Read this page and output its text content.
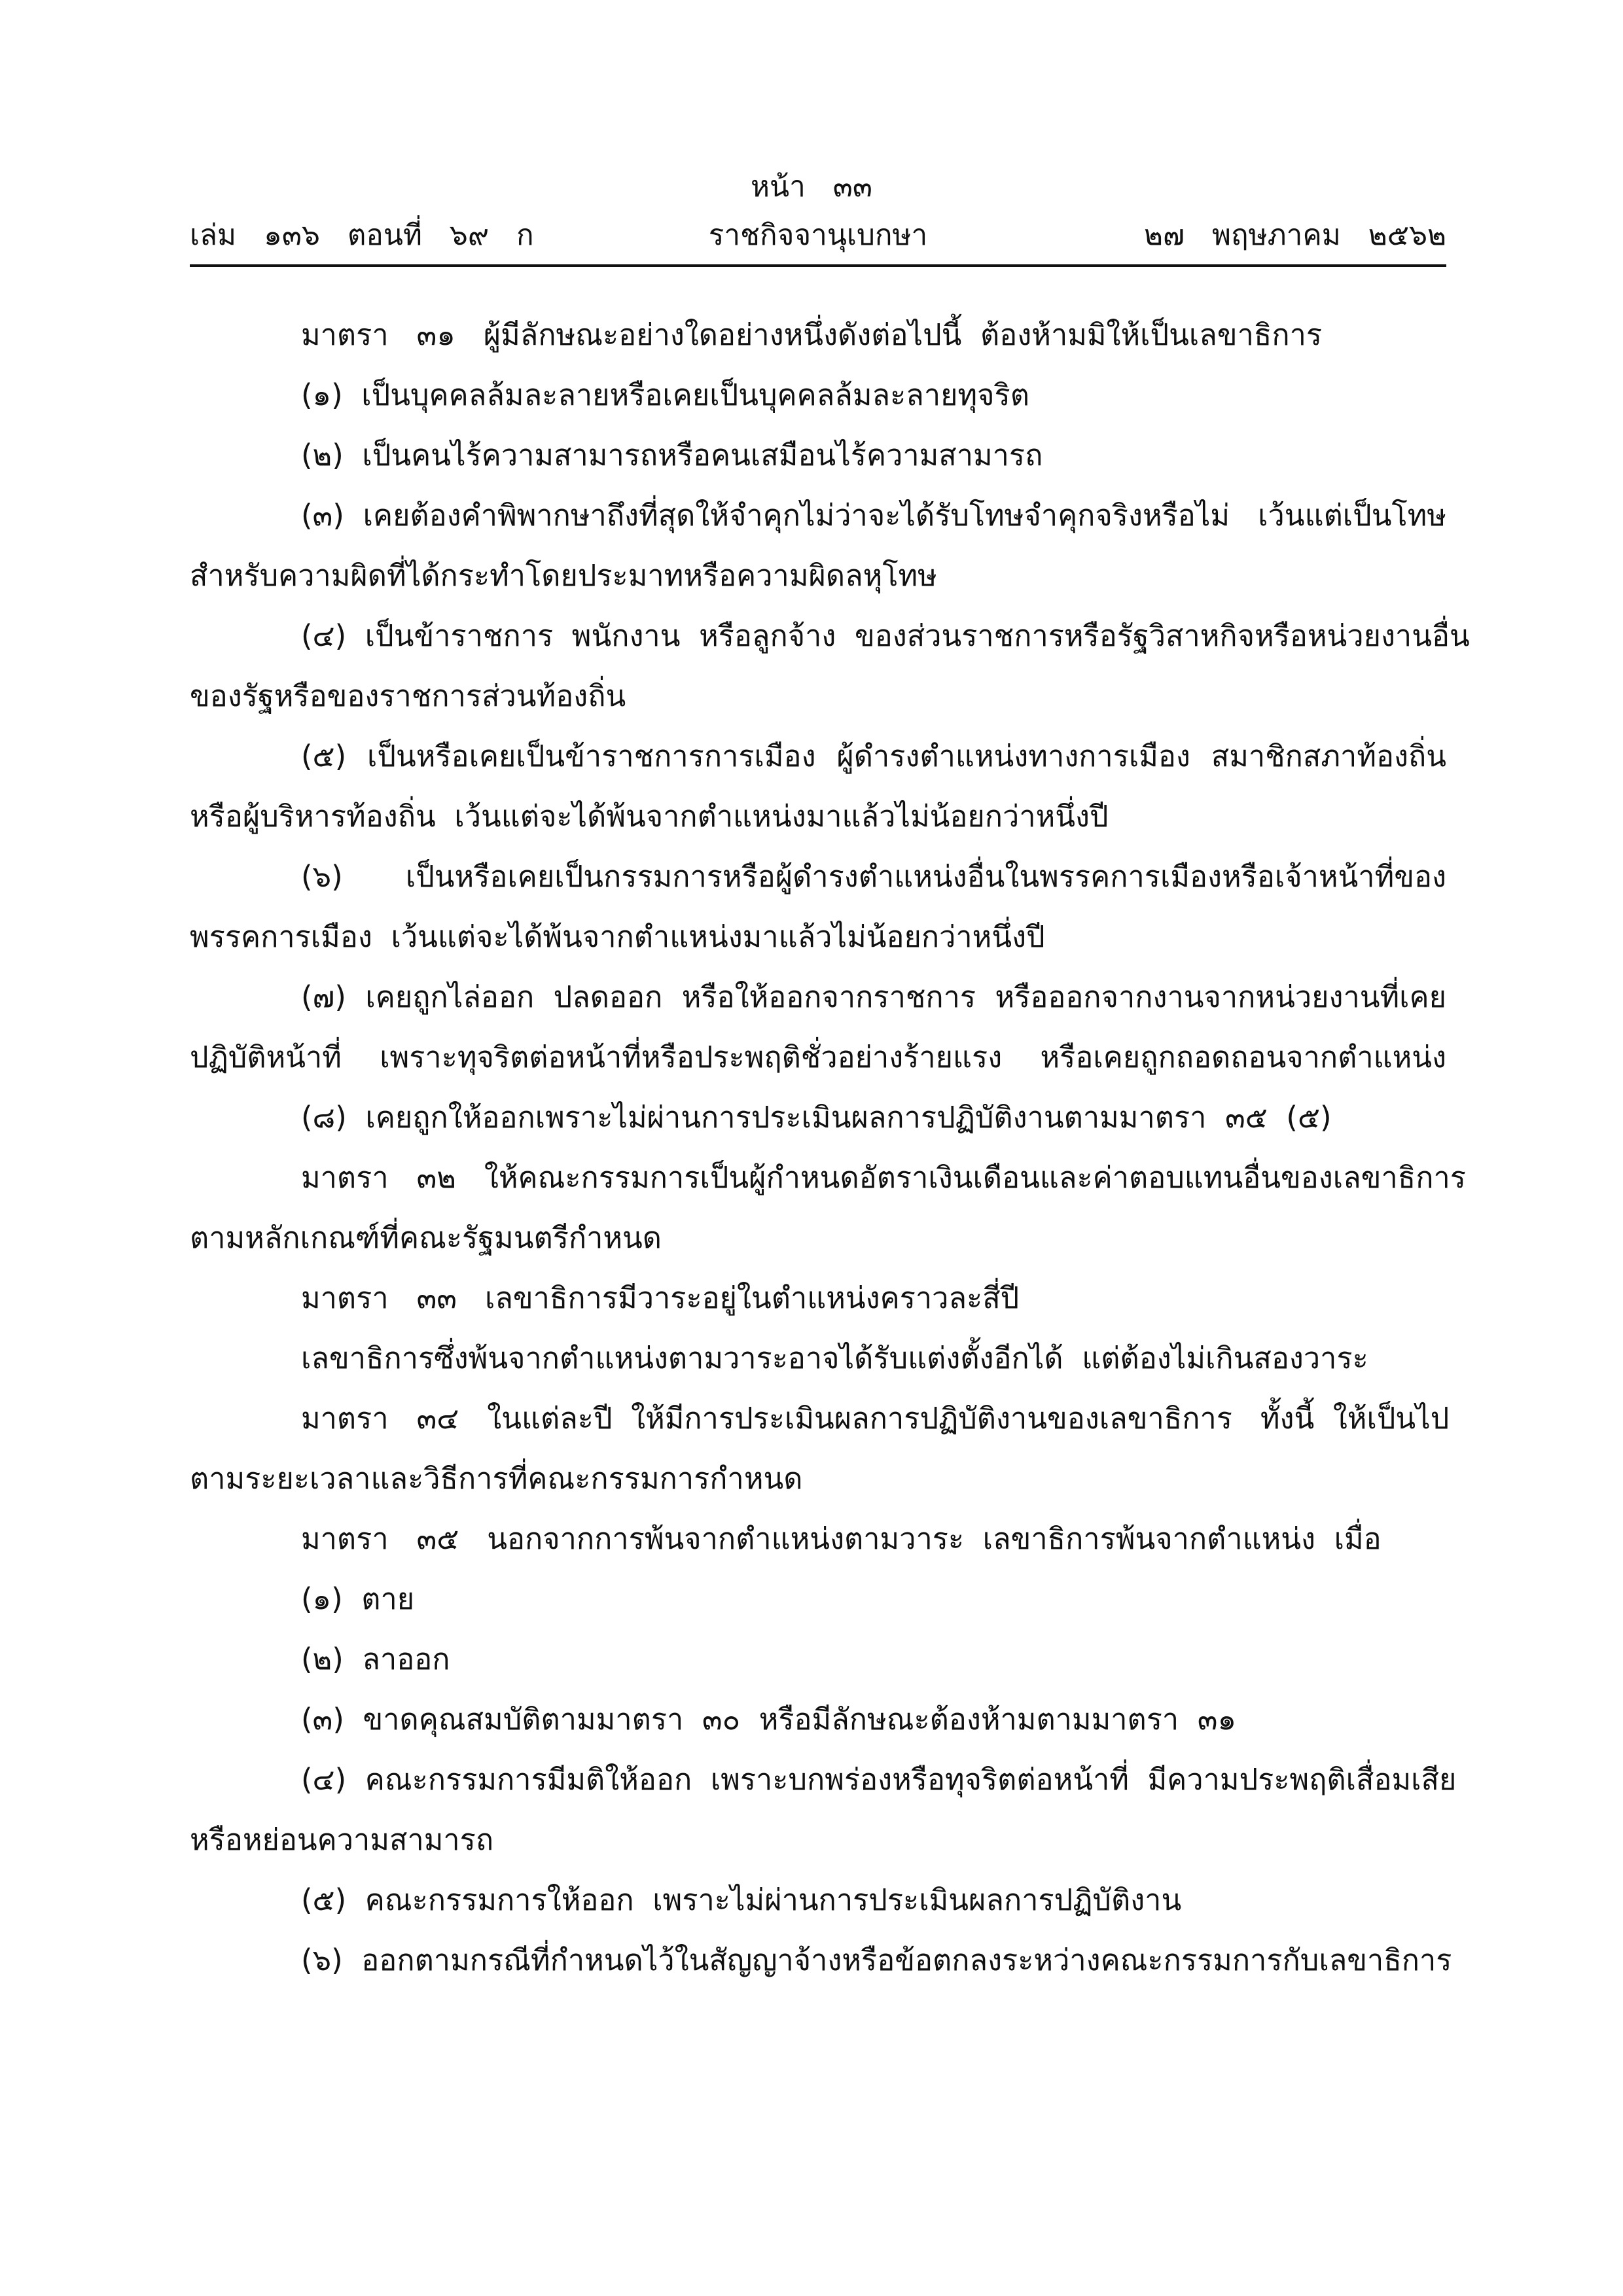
หน้า   ๓๓
เล่ม   ๑๓๖   ตอนที่   ๖๙   ก	ราชกิจจานุเบกษา	๒๗   พฤษภาคม   ๒๕๖๒
มาตรา   ๓๑   ผู้มีลักษณะอย่างใดอย่างหนึ่งดังต่อไปนี้  ต้องห้ามมิให้เป็นเลขาธิการ
(๑)  เป็นบุคคลล้มละลายหรือเคยเป็นบุคคลล้มละลายทุจริต
(๒)  เป็นคนไร้ความสามารถหรือคนเสมือนไร้ความสามารถ
(๓)  เคยต้องคำพิพากษาถึงที่สุดให้จำคุกไม่ว่าจะได้รับโทษจำคุกจริงหรือไม่   เว้นแต่เป็นโทษ
สำหรับความผิดที่ได้กระทำโดยประมาทหรือความผิดลหุโทษ
(๔)  เป็นข้าราชการ  พนักงาน  หรือลูกจ้าง  ของส่วนราชการหรือรัฐวิสาหกิจหรือหน่วยงานอื่น
ของรัฐหรือของราชการส่วนท้องถิ่น
(๕)  เป็นหรือเคยเป็นข้าราชการการเมือง  ผู้ดำรงตำแหน่งทางการเมือง  สมาชิกสภาท้องถิ่น
หรือผู้บริหารท้องถิ่น  เว้นแต่จะได้พ้นจากตำแหน่งมาแล้วไม่น้อยกว่าหนึ่งปี
(๖)  เป็นหรือเคยเป็นกรรมการหรือผู้ดำรงตำแหน่งอื่นในพรรคการเมืองหรือเจ้าหน้าที่ของ
พรรคการเมือง  เว้นแต่จะได้พ้นจากตำแหน่งมาแล้วไม่น้อยกว่าหนึ่งปี
(๗)  เคยถูกไล่ออก  ปลดออก  หรือให้ออกจากราชการ  หรือออกจากงานจากหน่วยงานที่เคย
ปฏิบัติหน้าที่  เพราะทุจริตต่อหน้าที่หรือประพฤติชั่วอย่างร้ายแรง  หรือเคยถูกถอดถอนจากตำแหน่ง
(๘)  เคยถูกให้ออกเพราะไม่ผ่านการประเมินผลการปฏิบัติงานตามมาตรา  ๓๕  (๕)
มาตรา   ๓๒   ให้คณะกรรมการเป็นผู้กำหนดอัตราเงินเดือนและค่าตอบแทนอื่นของเลขาธิการ
ตามหลักเกณฑ์ที่คณะรัฐมนตรีกำหนด
มาตรา   ๓๓   เลขาธิการมีวาระอยู่ในตำแหน่งคราวละสี่ปี
เลขาธิการซึ่งพ้นจากตำแหน่งตามวาระอาจได้รับแต่งตั้งอีกได้  แต่ต้องไม่เกินสองวาระ
มาตรา   ๓๔   ในแต่ละปี  ให้มีการประเมินผลการปฏิบัติงานของเลขาธิการ   ทั้งนี้  ให้เป็นไป
ตามระยะเวลาและวิธีการที่คณะกรรมการกำหนด
มาตรา   ๓๕   นอกจากการพ้นจากตำแหน่งตามวาระ  เลขาธิการพ้นจากตำแหน่ง  เมื่อ
(๑)  ตาย
(๒)  ลาออก
(๓)  ขาดคุณสมบัติตามมาตรา  ๓๐  หรือมีลักษณะต้องห้ามตามมาตรา  ๓๑
(๔)  คณะกรรมการมีมติให้ออก  เพราะบกพร่องหรือทุจริตต่อหน้าที่  มีความประพฤติเสื่อมเสีย
หรือหย่อนความสามารถ
(๕)  คณะกรรมการให้ออก  เพราะไม่ผ่านการประเมินผลการปฏิบัติงาน
(๖)  ออกตามกรณีที่กำหนดไว้ในสัญญาจ้างหรือข้อตกลงระหว่างคณะกรรมการกับเลขาธิการ
